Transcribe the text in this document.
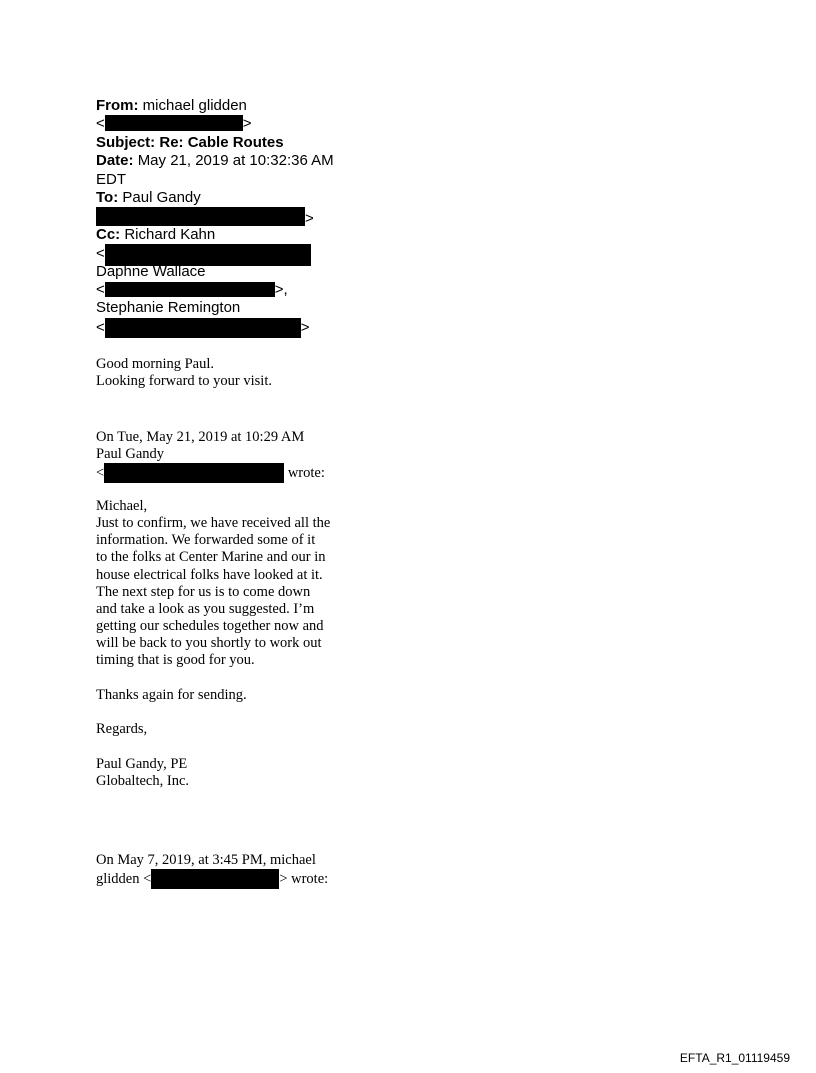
From: michael glidden
<	>
Subject: Re: Cable Routes
Date: May 21, 2019 at 10:32:36 AM
EDT
To: Paul Gandy
>
Cc: Richard Kahn
<
Daphne Wallace
<	>,
Stephanie Remington
<	>
Good morning Paul.
Looking forward to your visit.
On Tue, May 21, 2019 at 10:29 AM
Paul Gandy
<	wrote:
Michael,
Just to confirm, we have received all the
information. We forwarded some of it
to the folks at Center Marine and our in
house electrical folks have looked at it.
The next step for us is to come down
and take a look as you suggested. I’m
getting our schedules together now and
will be back to you shortly to work out
timing that is good for you.
Thanks again for sending.
Regards,
Paul Gandy, PE
Globaltech, Inc.
On May 7, 2019, at 3:45 PM, michael
glidden <	> wrote:
EFTA_R1_01119459
